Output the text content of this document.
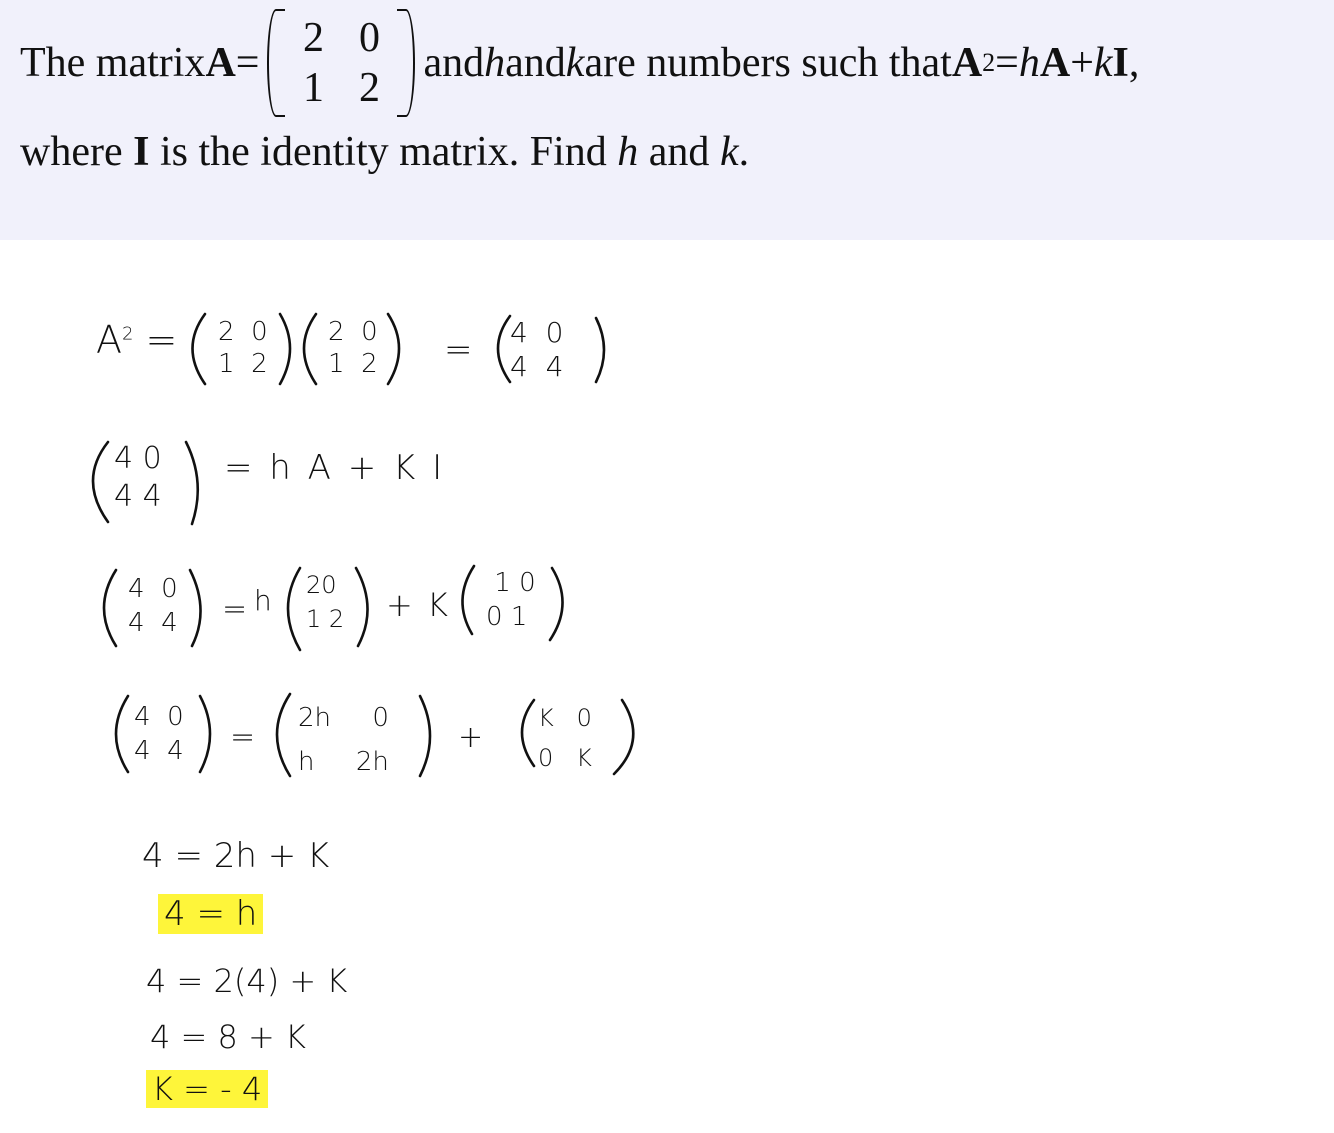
The matrix A =
2 0
1 2
and h and k are numbers such that A 2 = h A + k I ,
where I is the identity matrix. Find h and k.
$A^2 = 2$ 0
1 2
2 0
1 2 = 4 0
4 4
4 0
4 4
= h A + K I
4 0
4 4 = h 20
1 2 + K
1 0
0 1
4 0
4 4 =
2h 0
h 2h
+
K 0
0 K
4 = 2h + K
4 = h
4 = 2(4) + K
4 = 8 + K
K = - 4
